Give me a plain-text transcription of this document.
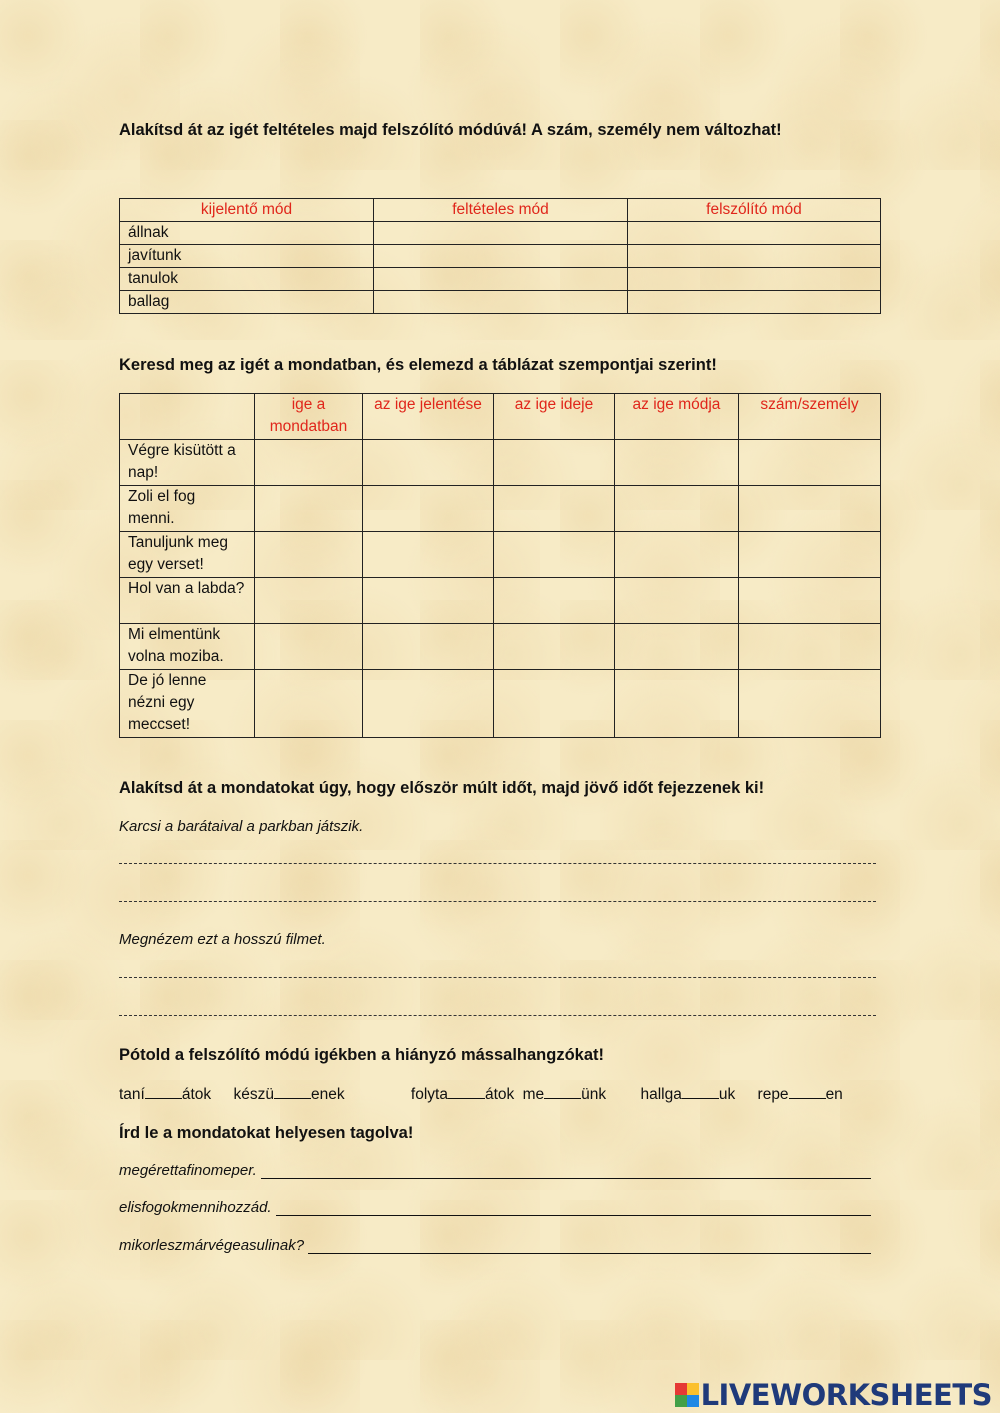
Alakítsd át az igét feltételes majd felszólító módúvá! A szám, személy nem változhat!
kijelentő mód	feltételes mód	felszólító mód
állnak		
javítunk		
tanulok		
ballag		
Keresd meg az igét a mondatban, és elemezd a táblázat szempontjai szerint!
	ige a mondatban	az ige jelentése	az ige ideje	az ige módja	szám/személy
Végre kisütött a nap!					
Zoli el fog menni.					
Tanuljunk meg egy verset!					
Hol van a labda?					
Mi elmentünk volna moziba.					
De jó lenne nézni egy meccset!					
Alakítsd át a mondatokat úgy, hogy először múlt időt, majd jövő időt fejezzenek ki!
Karcsi a barátaival a parkban játszik.
Megnézem ezt a hosszú filmet.
Pótold a felszólító módú igékben a hiányzó mássalhangzókat!
taní átok készü enek	folyta átok me ünk hallga uk repe en
Írd le a mondatokat helyesen tagolva!
megérettafinomeper.
elisfogokmennihozzád.
mikorleszmárvégeasulinak?
LIVEWORKSHEETS
